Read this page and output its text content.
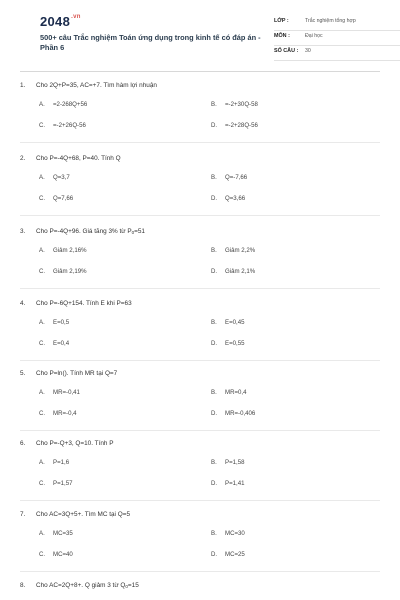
$2048^{.vn}$
500+ câu Trắc nghiệm Toán ứng dụng trong kinh tế có đáp án - Phần 6
LỚP :	Trắc nghiệm tổng hợp
MÔN :	Đại học
SỐ CÂU : 30
1. Cho 2Q+P=35, AC=+7. Tìm hàm lợi nhuận
A. =2-268Q+56	B. =-2+30Q-58
C. =-2+26Q-56	D. =-2+28Q-56
2. Cho P=-4Q+68, P=40. Tính Q
A. Q=3,7	B. Q=-7,66
C. Q=7,66	D. Q=3,66
3. Cho P=-4Q+96. Giá tăng 3% từ P0=51
A. Giảm 2,16%	B. Giảm 2,2%
C. Giảm 2,19%	D. Giảm 2,1%
4. Cho P=-6Q+154. Tính E khi P=63
A. E=0,5	B. E=0,45
C. E=0,4	D. E=0,55
5. Cho P=ln(). Tính MR tại Q=7
A. MR=-0,41	B. MR=0,4
C. MR=-0,4	D. MR=-0,406
6. Cho P=-Q+3, Q=10. Tính P
A. P=1,6	B. P=1,58
C. P=1,57	D. P=1,41
7. Cho AC=3Q+5+. Tìm MC tại Q=5
A. MC=35	B. MC=30
C. MC=40	D. MC=25
8. Cho AC=2Q+8+. Q giảm 3 từ Q0=15
